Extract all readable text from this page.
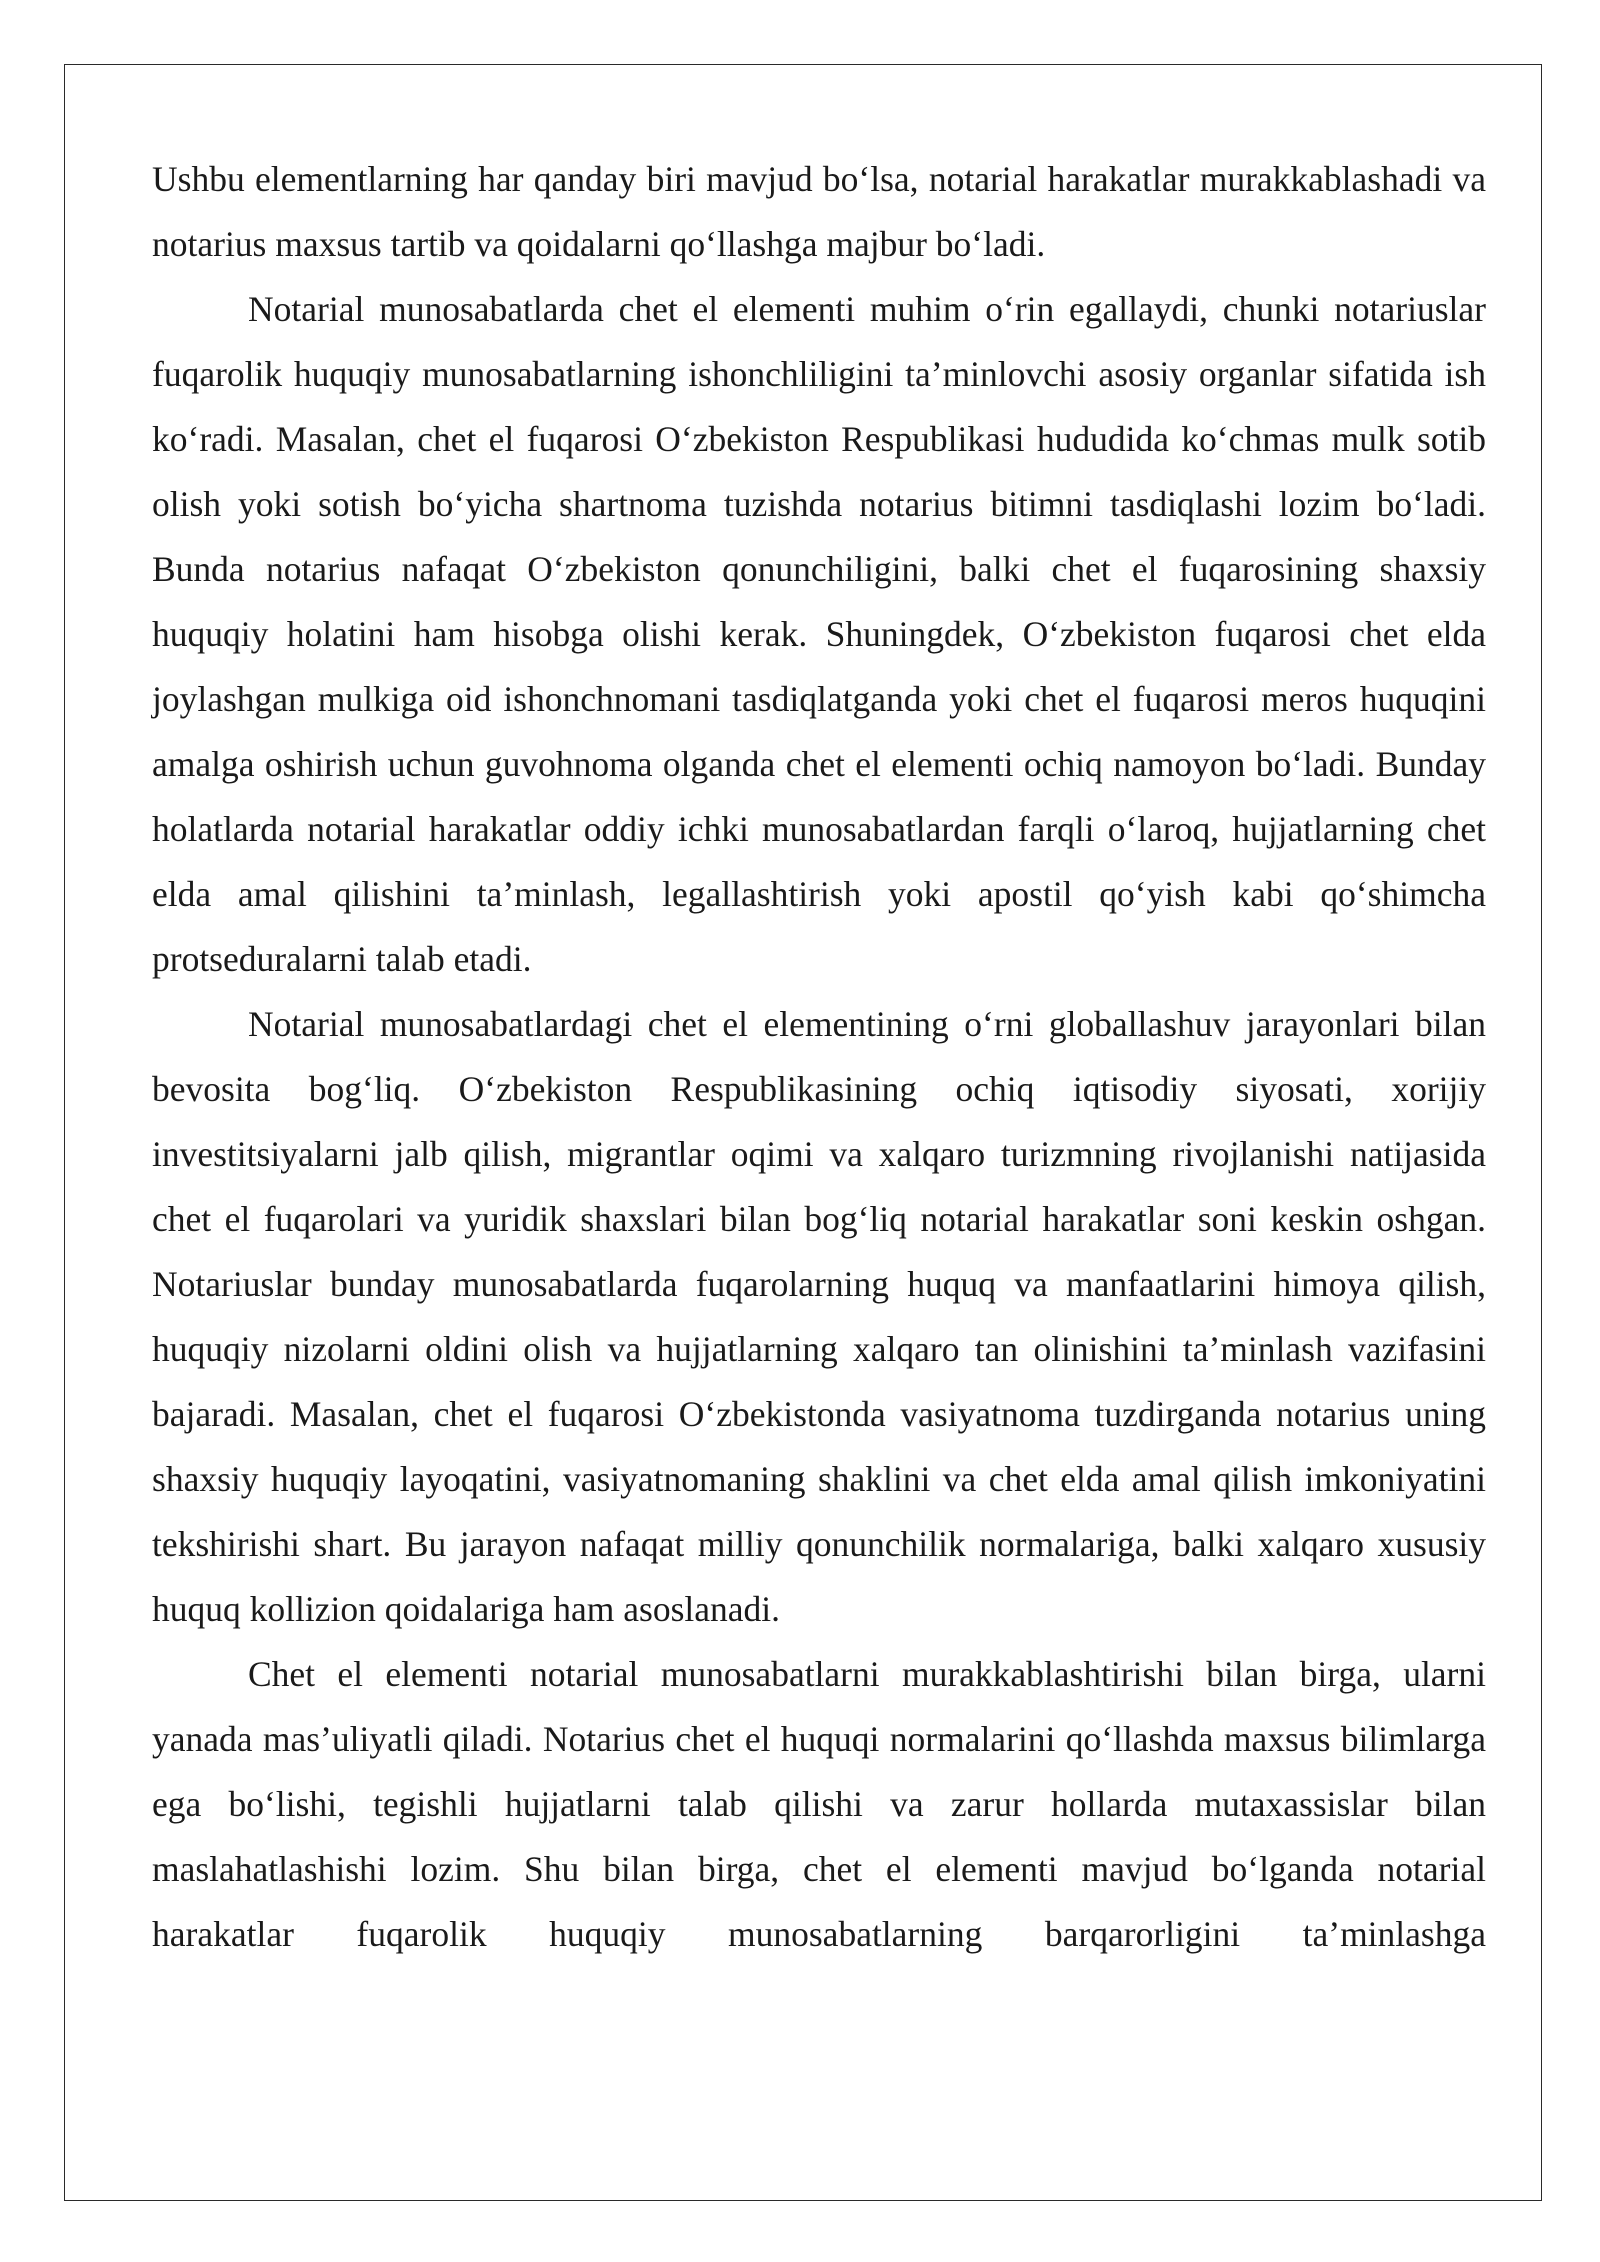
Ushbu elementlarning har qanday biri mavjud bo‘lsa, notarial harakatlar murakkablashadi va notarius maxsus tartib va qoidalarni qo‘llashga majbur bo‘ladi.

Notarial munosabatlarda chet el elementi muhim o‘rin egallaydi, chunki notariuslar fuqarolik huquqiy munosabatlarning ishonchliligini ta’minlovchi asosiy organlar sifatida ish ko‘radi. Masalan, chet el fuqarosi O‘zbekiston Respublikasi hududida ko‘chmas mulk sotib olish yoki sotish bo‘yicha shartnoma tuzishda notarius bitimni tasdiqlashi lozim bo‘ladi. Bunda notarius nafaqat O‘zbekiston qonunchiligini, balki chet el fuqarosining shaxsiy huquqiy holatini ham hisobga olishi kerak. Shuningdek, O‘zbekiston fuqarosi chet elda joylashgan mulkiga oid ishonchnomani tasdiqlatganda yoki chet el fuqarosi meros huquqini amalga oshirish uchun guvohnoma olganda chet el elementi ochiq namoyon bo‘ladi. Bunday holatlarda notarial harakatlar oddiy ichki munosabatlardan farqli o‘laroq, hujjatlarning chet elda amal qilishini ta’minlash, legallashtirish yoki apostil qo‘yish kabi qo‘shimcha protseduralarni talab etadi.

Notarial munosabatlardagi chet el elementining o‘rni globallashuv jarayonlari bilan bevosita bog‘liq. O‘zbekiston Respublikasining ochiq iqtisodiy siyosati, xorijiy investitsiyalarni jalb qilish, migrantlar oqimi va xalqaro turizmning rivojlanishi natijasida chet el fuqarolari va yuridik shaxslari bilan bog‘liq notarial harakatlar soni keskin oshgan. Notariuslar bunday munosabatlarda fuqarolarning huquq va manfaatlarini himoya qilish, huquqiy nizolarni oldini olish va hujjatlarning xalqaro tan olinishini ta’minlash vazifasini bajaradi. Masalan, chet el fuqarosi O‘zbekistonda vasiyatnoma tuzdirganda notarius uning shaxsiy huquqiy layoqatini, vasiyatnomaning shaklini va chet elda amal qilish imkoniyatini tekshirishi shart. Bu jarayon nafaqat milliy qonunchilik normalariga, balki xalqaro xususiy huquq kollizion qoidalariga ham asoslanadi.

Chet el elementi notarial munosabatlarni murakkablashtirishi bilan birga, ularni yanada mas’uliyatli qiladi. Notarius chet el huquqi normalarini qo‘llashda maxsus bilimlarga ega bo‘lishi, tegishli hujjatlarni talab qilishi va zarur hollarda mutaxassislar bilan maslahatlashishi lozim. Shu bilan birga, chet el elementi mavjud bo‘lganda notarial harakatlar fuqarolik huquqiy munosabatlarning barqarorligini ta’minlashga
